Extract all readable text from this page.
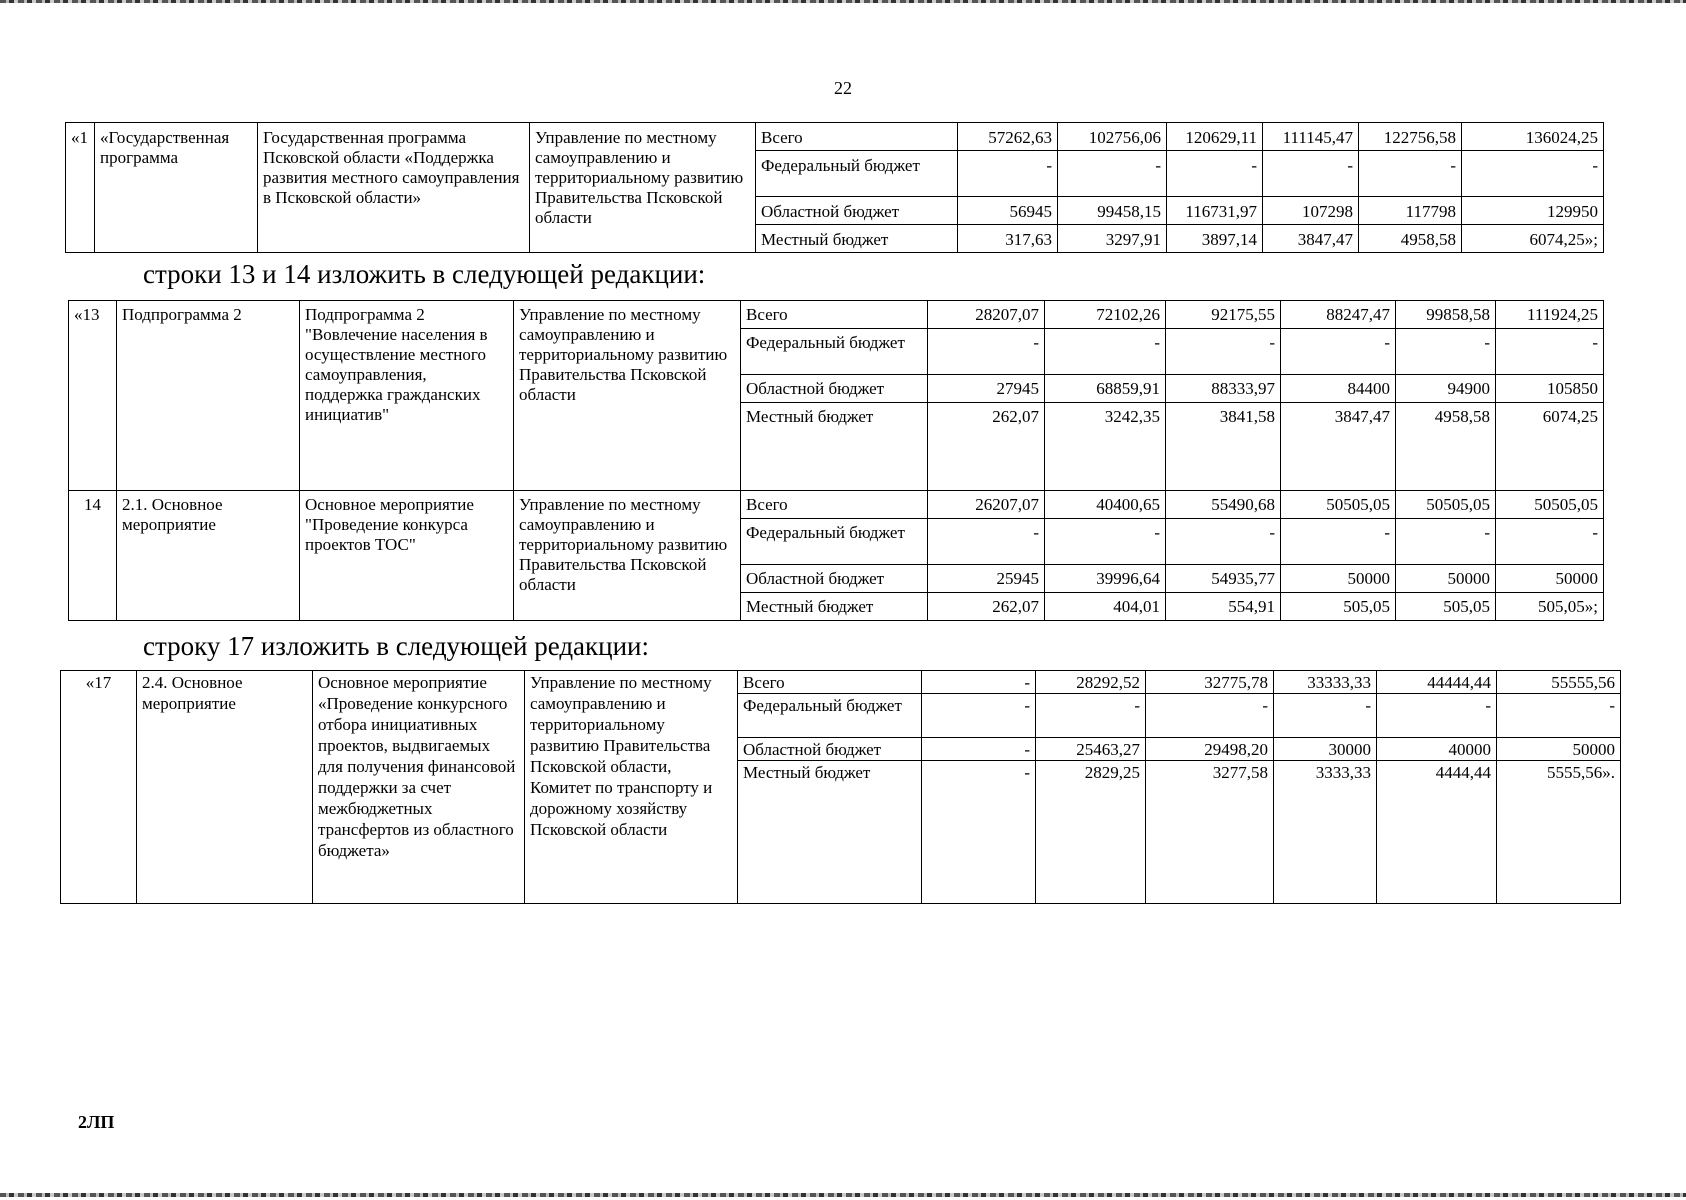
22
«1	«Государственная программа	Государственная программа Псковской области «Поддержка развития местного самоуправления в Псковской области»	Управление по местному самоуправлению и территориальному развитию Правительства Псковской области	Всего	57262,63	102756,06	120629,11	111145,47	122756,58	136024,25
				Федеральный бюджет	-	-	-	-	-	-
				Областной бюджет	56945	99458,15	116731,97	107298	117798	129950
				Местный бюджет	317,63	3297,91	3897,14	3847,47	4958,58	6074,25»;
строки 13 и 14 изложить в следующей редакции:
«13	Подпрограмма 2	Подпрограмма 2 "Вовлечение населения в осуществление местного самоуправления, поддержка гражданских инициатив"	Управление по местному самоуправлению и территориальному развитию Правительства Псковской области	Всего	28207,07	72102,26	92175,55	88247,47	99858,58	111924,25
				Федеральный бюджет	-	-	-	-	-	-
				Областной бюджет	27945	68859,91	88333,97	84400	94900	105850
				Местный бюджет	262,07	3242,35	3841,58	3847,47	4958,58	6074,25
14	2.1. Основное мероприятие	Основное мероприятие "Проведение конкурса проектов ТОС"	Управление по местному самоуправлению и территориальному развитию Правительства Псковской области	Всего	26207,07	40400,65	55490,68	50505,05	50505,05	50505,05
				Федеральный бюджет	-	-	-	-	-	-
				Областной бюджет	25945	39996,64	54935,77	50000	50000	50000
				Местный бюджет	262,07	404,01	554,91	505,05	505,05	505,05»;
строку 17 изложить в следующей редакции:
«17	2.4. Основное мероприятие	Основное мероприятие «Проведение конкурсного отбора инициативных проектов, выдвигаемых для получения финансовой поддержки за счет межбюджетных трансфертов из областного бюджета»	Управление по местному самоуправлению и территориальному развитию Правительства Псковской области, Комитет по транспорту и дорожному хозяйству Псковской области	Всего	-	28292,52	32775,78	33333,33	44444,44	55555,56
				Федеральный бюджет	-	-	-	-	-	-
				Областной бюджет	-	25463,27	29498,20	30000	40000	50000
				Местный бюджет	-	2829,25	3277,58	3333,33	4444,44	5555,56».
2ЛП
